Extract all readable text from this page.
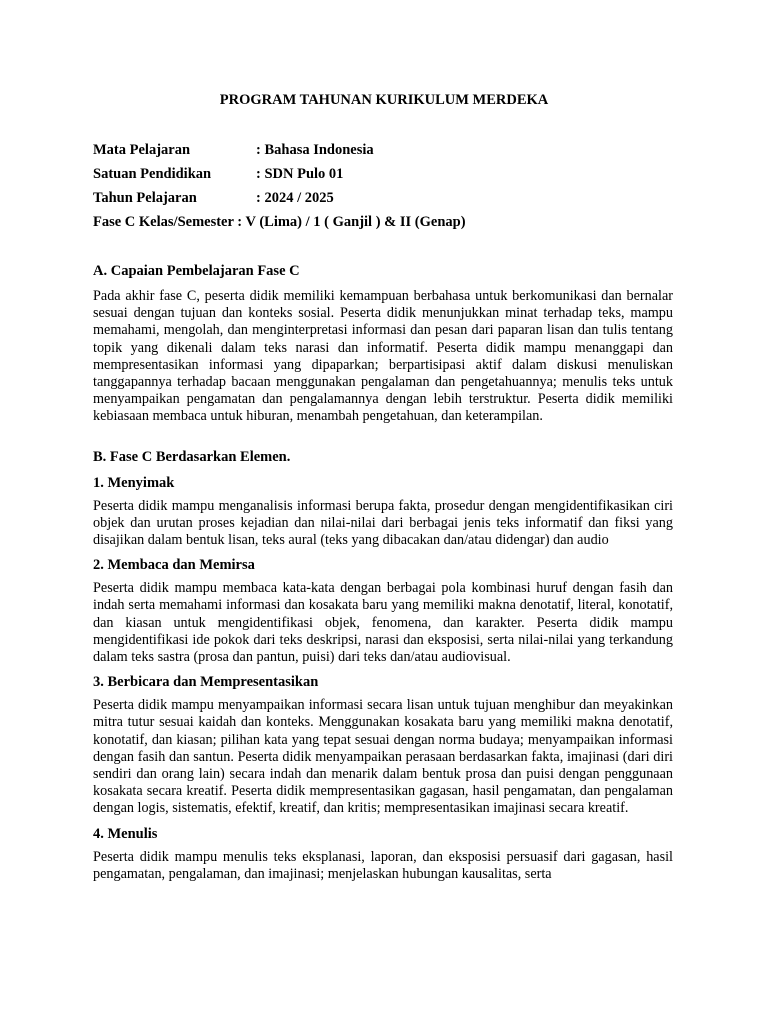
PROGRAM TAHUNAN KURIKULUM MERDEKA
Mata Pelajaran	: Bahasa Indonesia
Satuan Pendidikan	: SDN Pulo 01
Tahun Pelajaran	: 2024 / 2025
Fase C Kelas/Semester : V (Lima) / 1 ( Ganjil ) & II (Genap)
A. Capaian Pembelajaran Fase C

Pada akhir fase C, peserta didik memiliki kemampuan berbahasa untuk berkomunikasi dan bernalar sesuai dengan tujuan dan konteks sosial. Peserta didik menunjukkan minat terhadap teks, mampu memahami, mengolah, dan menginterpretasi informasi dan pesan dari paparan lisan dan tulis tentang topik yang dikenali dalam teks narasi dan informatif. Peserta didik mampu menanggapi dan mempresentasikan informasi yang dipaparkan; berpartisipasi aktif dalam diskusi menuliskan tanggapannya terhadap bacaan menggunakan pengalaman dan pengetahuannya; menulis teks untuk menyampaikan pengamatan dan pengalamannya dengan lebih terstruktur. Peserta didik memiliki kebiasaan membaca untuk hiburan, menambah pengetahuan, dan keterampilan.

B. Fase C Berdasarkan Elemen.
1. Menyimak

Peserta didik mampu menganalisis informasi berupa fakta, prosedur dengan mengidentifikasikan ciri objek dan urutan proses kejadian dan nilai-nilai dari berbagai jenis teks informatif dan fiksi yang disajikan dalam bentuk lisan, teks aural (teks yang dibacakan dan/atau didengar) dan audio

2. Membaca dan Memirsa

Peserta didik mampu membaca kata-kata dengan berbagai pola kombinasi huruf dengan fasih dan indah serta memahami informasi dan kosakata baru yang memiliki makna denotatif, literal, konotatif, dan kiasan untuk mengidentifikasi objek, fenomena, dan karakter. Peserta didik mampu mengidentifikasi ide pokok dari teks deskripsi, narasi dan eksposisi, serta nilai-nilai yang terkandung dalam teks sastra (prosa dan pantun, puisi) dari teks dan/atau audiovisual.

3. Berbicara dan Mempresentasikan

Peserta didik mampu menyampaikan informasi secara lisan untuk tujuan menghibur dan meyakinkan mitra tutur sesuai kaidah dan konteks. Menggunakan kosakata baru yang memiliki makna denotatif, konotatif, dan kiasan; pilihan kata yang tepat sesuai dengan norma budaya; menyampaikan informasi dengan fasih dan santun. Peserta didik menyampaikan perasaan berdasarkan fakta, imajinasi (dari diri sendiri dan orang lain) secara indah dan menarik dalam bentuk prosa dan puisi dengan penggunaan kosakata secara kreatif. Peserta didik mempresentasikan gagasan, hasil pengamatan, dan pengalaman dengan logis, sistematis, efektif, kreatif, dan kritis; mempresentasikan imajinasi secara kreatif.

4. Menulis

Peserta didik mampu menulis teks eksplanasi, laporan, dan eksposisi persuasif dari gagasan, hasil pengamatan, pengalaman, dan imajinasi; menjelaskan hubungan kausalitas, serta
